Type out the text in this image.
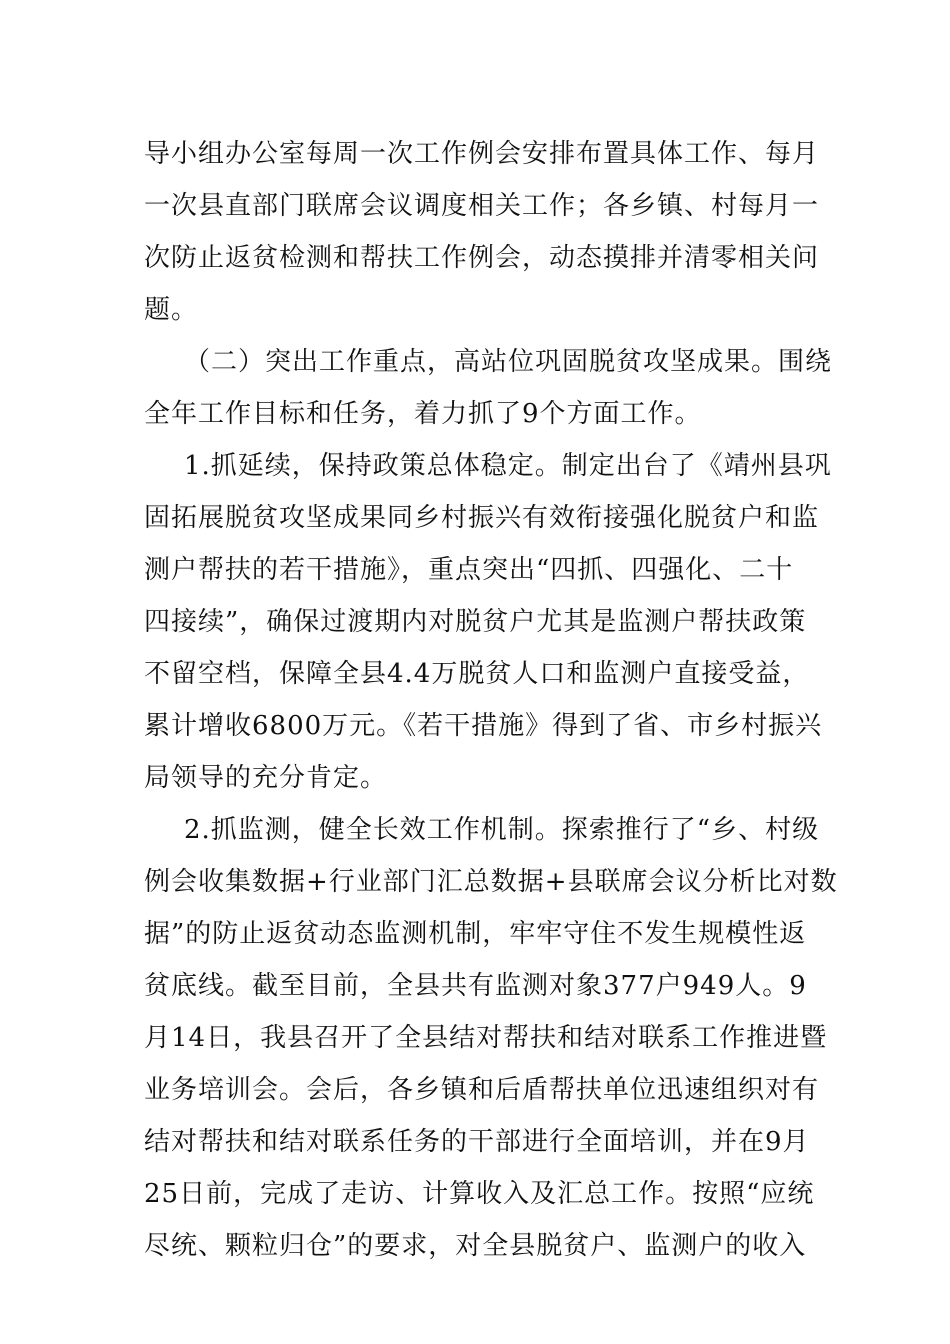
导小组办公室每周一次工作例会安排布置具体工作、每月
一次县直部门联席会议调度相关工作；各乡镇、村每月一
次防止返贫检测和帮扶工作例会，动态摸排并清零相关问
题。
（二）突出工作重点，高站位巩固脱贫攻坚成果。围绕
全年工作目标和任务，着力抓了9个方面工作。
1.抓延续，保持政策总体稳定。制定出台了《靖州县巩
固拓展脱贫攻坚成果同乡村振兴有效衔接强化脱贫户和监
测户帮扶的若干措施》，重点突出“四抓、四强化、二十
四接续”，确保过渡期内对脱贫户尤其是监测户帮扶政策
不留空档，保障全县4.4万脱贫人口和监测户直接受益，
累计增收6800万元。《若干措施》得到了省、市乡村振兴
局领导的充分肯定。
2.抓监测，健全长效工作机制。探索推行了“乡、村级
例会收集数据+行业部门汇总数据+县联席会议分析比对数
据”的防止返贫动态监测机制，牢牢守住不发生规模性返
贫底线。截至目前，全县共有监测对象377户949人。9
月14日，我县召开了全县结对帮扶和结对联系工作推进暨
业务培训会。会后，各乡镇和后盾帮扶单位迅速组织对有
结对帮扶和结对联系任务的干部进行全面培训，并在9月
25日前，完成了走访、计算收入及汇总工作。按照“应统
尽统、颗粒归仓”的要求，对全县脱贫户、监测户的收入
